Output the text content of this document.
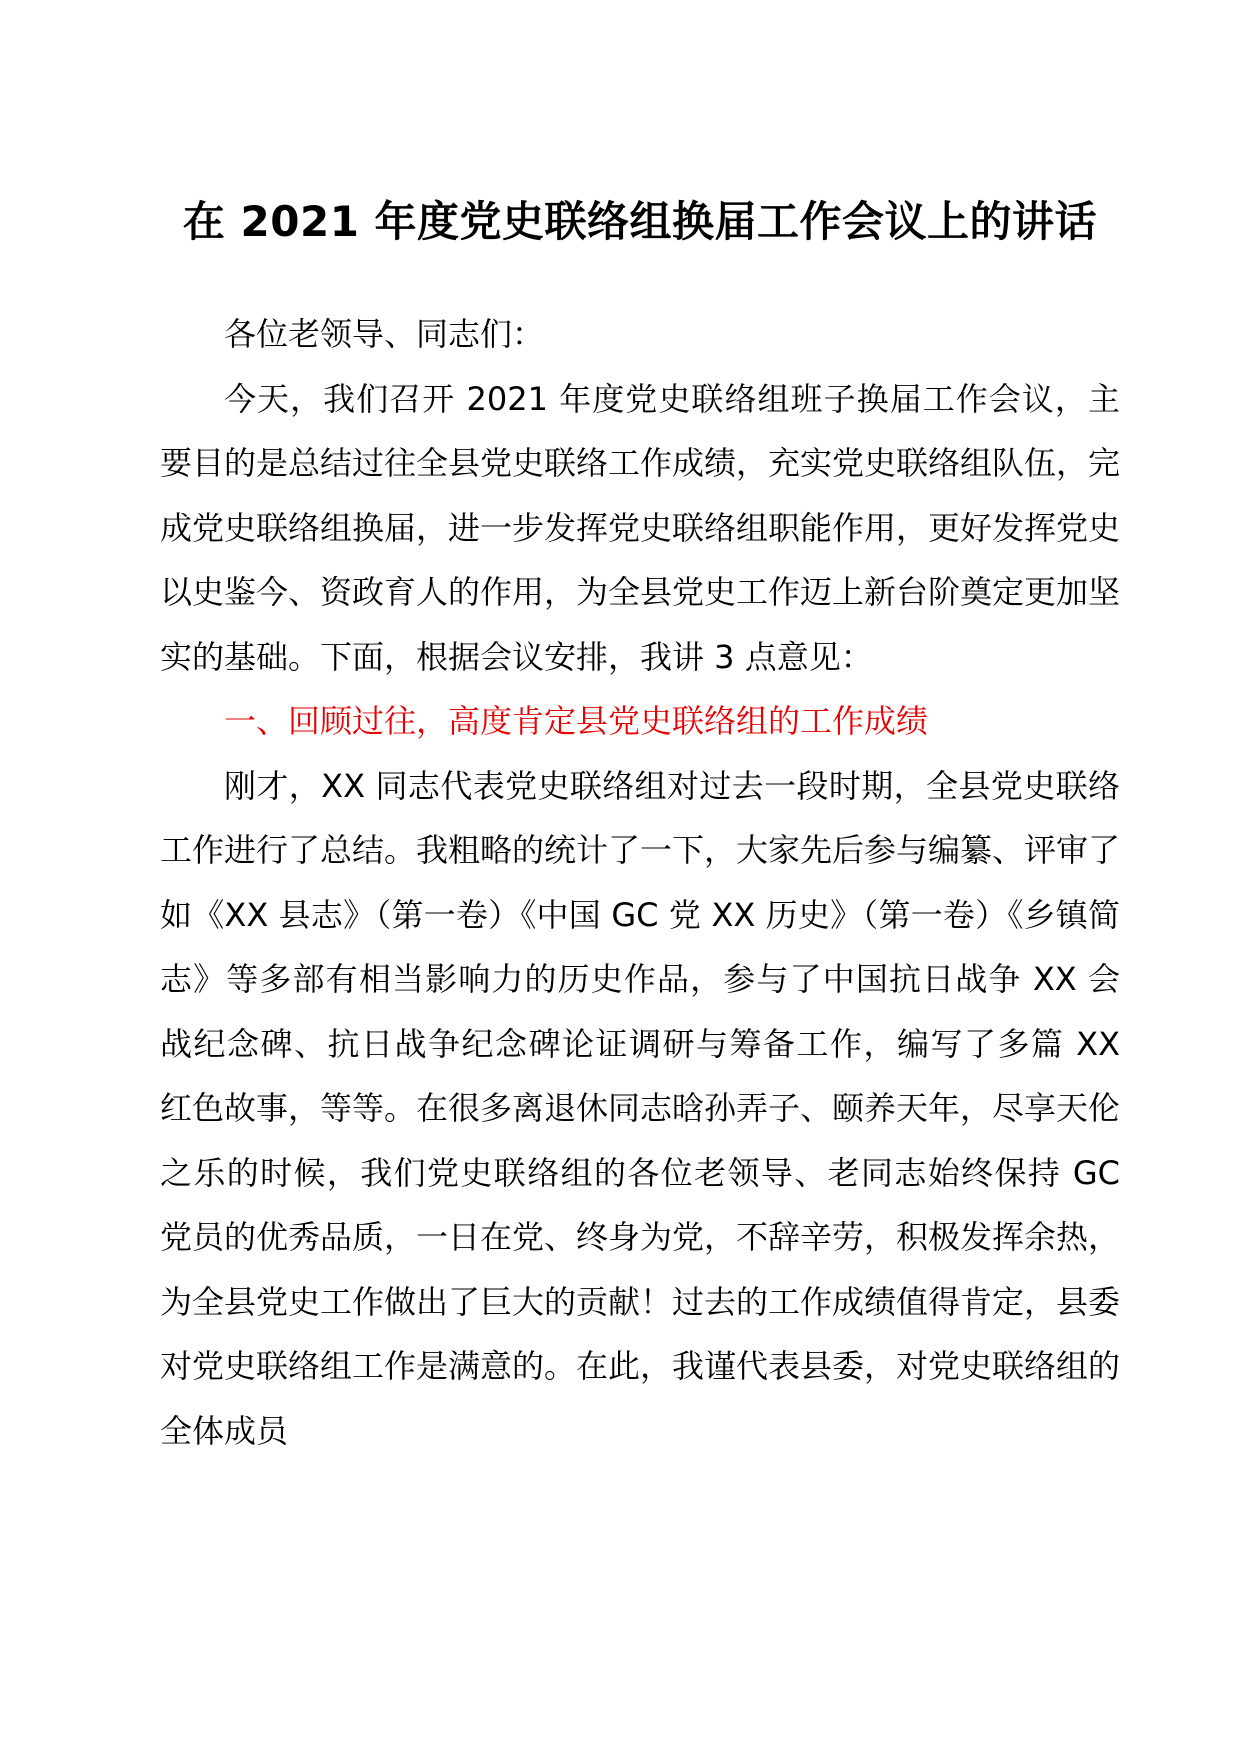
在 2021 年度党史联络组换届工作会议上的讲话

各位老领导、同志们：

今天，我们召开 2021 年度党史联络组班子换届工作会议，主要目的是总结过往全县党史联络工作成绩，充实党史联络组队伍，完成党史联络组换届，进一步发挥党史联络组职能作用，更好发挥党史以史鉴今、资政育人的作用，为全县党史工作迈上新台阶奠定更加坚实的基础。下面，根据会议安排，我讲 3 点意见：

一、回顾过往，高度肯定县党史联络组的工作成绩

刚才，XX 同志代表党史联络组对过去一段时期，全县党史联络工作进行了总结。我粗略的统计了一下，大家先后参与编纂、评审了如《XX 县志》（第一卷）《中国 GC 党 XX 历史》（第一卷）《乡镇简志》等多部有相当影响力的历史作品，参与了中国抗日战争 XX 会战纪念碑、抗日战争纪念碑论证调研与筹备工作，编写了多篇 XX 红色故事，等等。在很多离退休同志晗孙弄子、颐养天年，尽享天伦之乐的时候，我们党史联络组的各位老领导、老同志始终保持 GC 党员的优秀品质，一日在党、终身为党，不辞辛劳，积极发挥余热，为全县党史工作做出了巨大的贡献！过去的工作成绩值得肯定，县委对党史联络组工作是满意的。在此，我谨代表县委，对党史联络组的全体成员
